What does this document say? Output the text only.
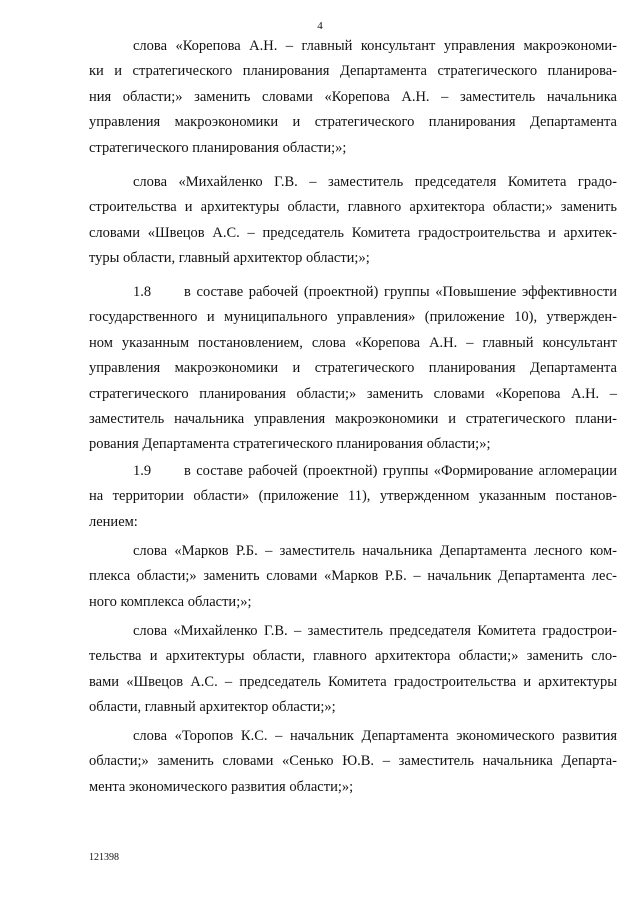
4
слова «Корепова А.Н. – главный консультант управления макроэкономи-
ки и стратегического планирования Департамента стратегического планирова-
ния области;» заменить словами «Корепова А.Н. – заместитель начальника
управления макроэкономики и стратегического планирования Департамента
стратегического планирования области;»;
слова «Михайленко Г.В. – заместитель председателя Комитета градо-
строительства и архитектуры области, главного архитектора области;» заменить
словами «Швецов А.С. – председатель Комитета градостроительства и архитек-
туры области, главный архитектор области;»;
1.8 в составе рабочей (проектной) группы «Повышение эффективности
государственного и муниципального управления» (приложение 10), утвержден-
ном указанным постановлением, слова «Корепова А.Н. – главный консультант
управления макроэкономики и стратегического планирования Департамента
стратегического планирования области;» заменить словами «Корепова А.Н. –
заместитель начальника управления макроэкономики и стратегического плани-
рования Департамента стратегического планирования области;»;
1.9 в составе рабочей (проектной) группы «Формирование агломерации
на территории области» (приложение 11), утвержденном указанным постанов-
лением:
слова «Марков Р.Б. – заместитель начальника Департамента лесного ком-
плекса области;» заменить словами «Марков Р.Б. – начальник Департамента лес-
ного комплекса области;»;
слова «Михайленко Г.В. – заместитель председателя Комитета градострои-
тельства и архитектуры области, главного архитектора области;» заменить сло-
вами «Швецов А.С. – председатель Комитета градостроительства и архитектуры
области, главный архитектор области;»;
слова «Торопов К.С. – начальник Департамента экономического развития
области;» заменить словами «Сенько Ю.В. – заместитель начальника Департа-
мента экономического развития области;»;
121398
